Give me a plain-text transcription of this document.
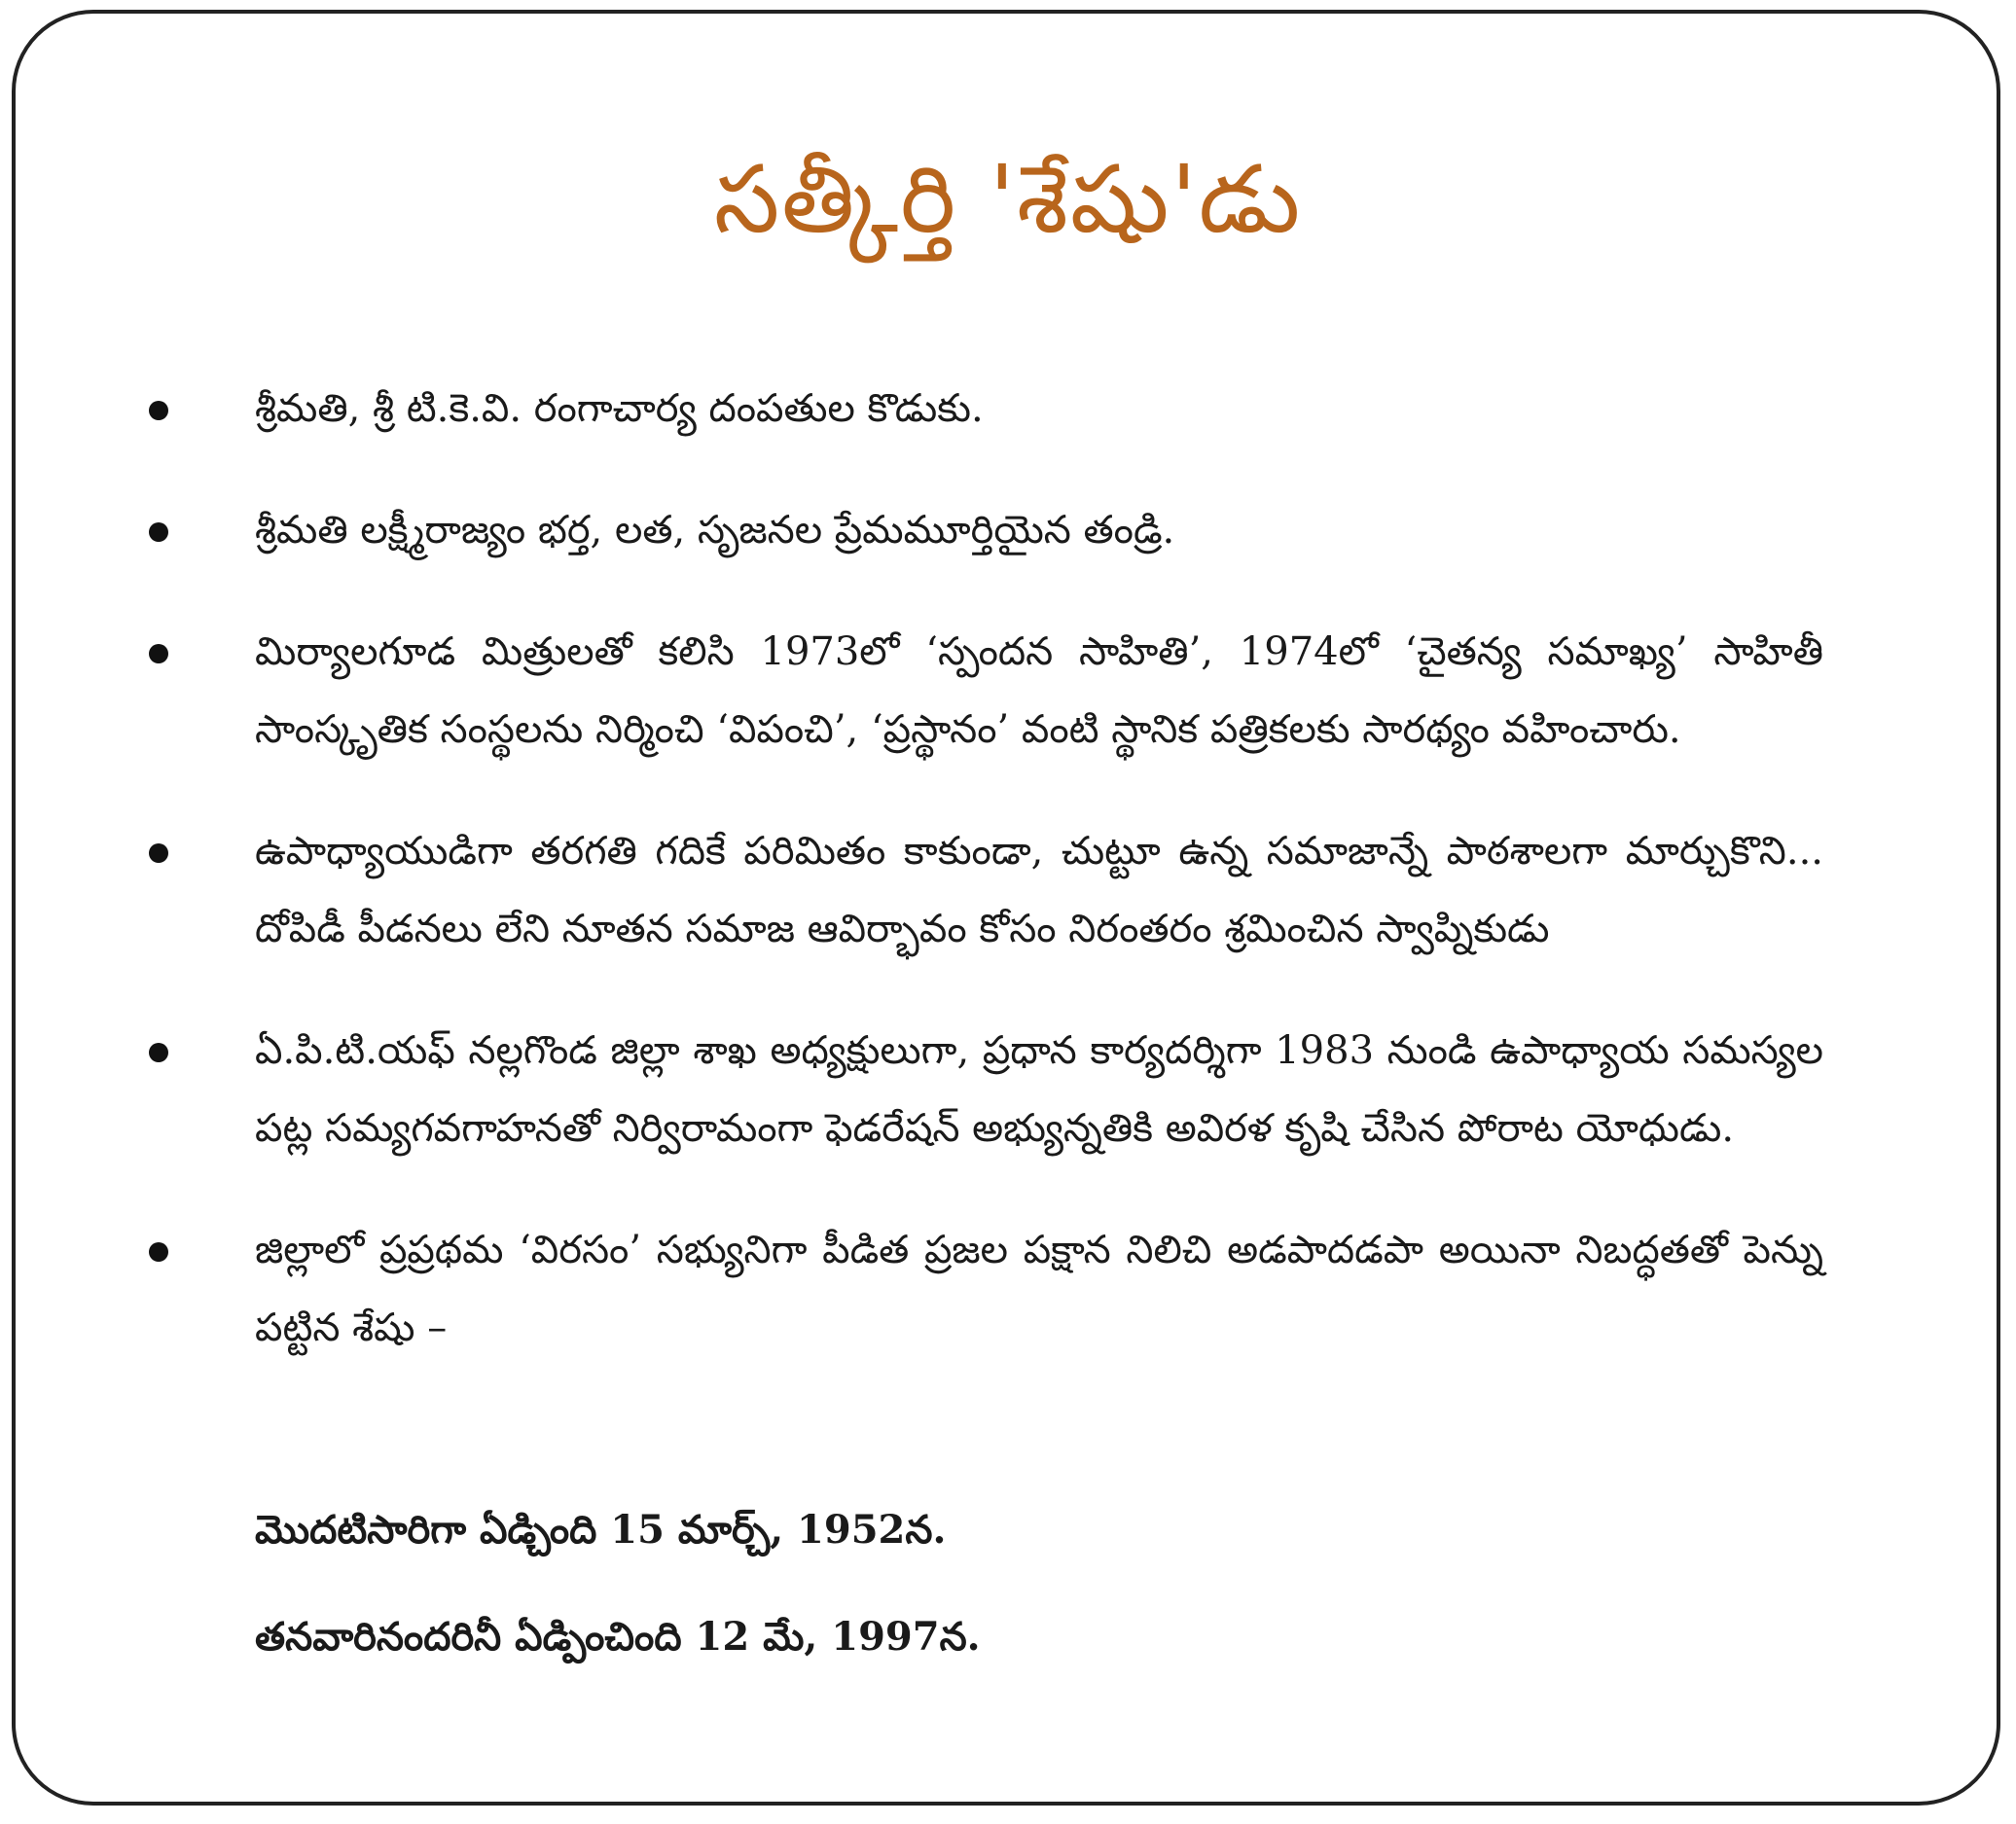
సత్కీర్తి 'శేషు'డు
శ్రీమతి, శ్రీ టి.కె.వి. రంగాచార్య దంపతుల కొడుకు.
శ్రీమతి లక్ష్మీరాజ్యం భర్త, లత, సృజనల ప్రేమమూర్తియైన తండ్రి.
మిర్యాలగూడ మిత్రులతో కలిసి 1973లో ‘స్పందన సాహితి’, 1974లో ‘చైతన్య సమాఖ్య’ సాహితీ సాంస్కృతిక సంస్థలను నిర్మించి ‘విపంచి’, ‘ప్రస్థానం’ వంటి స్థానిక పత్రికలకు సారథ్యం వహించారు.
ఉపాధ్యాయుడిగా తరగతి గదికే పరిమితం కాకుండా, చుట్టూ ఉన్న సమాజాన్నే పాఠశాలగా మార్చుకొని... దోపిడీ పీడనలు లేని నూతన సమాజ ఆవిర్భావం కోసం నిరంతరం శ్రమించిన స్వాప్నికుడు
ఏ.పి.టి.యఫ్ నల్లగొండ జిల్లా శాఖ అధ్యక్షులుగా, ప్రధాన కార్యదర్శిగా 1983 నుండి ఉపాధ్యాయ సమస్యల పట్ల సమ్యగవగాహనతో నిర్విరామంగా ఫెడరేషన్ అభ్యున్నతికి అవిరళ కృషి చేసిన పోరాట యోధుడు.
జిల్లాలో ప్రప్రథమ ‘విరసం’ సభ్యునిగా పీడిత ప్రజల పక్షాన నిలిచి అడపాదడపా అయినా నిబద్ధతతో పెన్ను పట్టిన శేషు –
మొదటిసారిగా ఏడ్చింది 15 మార్చ్, 1952న.
తనవారినందరినీ ఏడ్పించింది 12 మే, 1997న.
